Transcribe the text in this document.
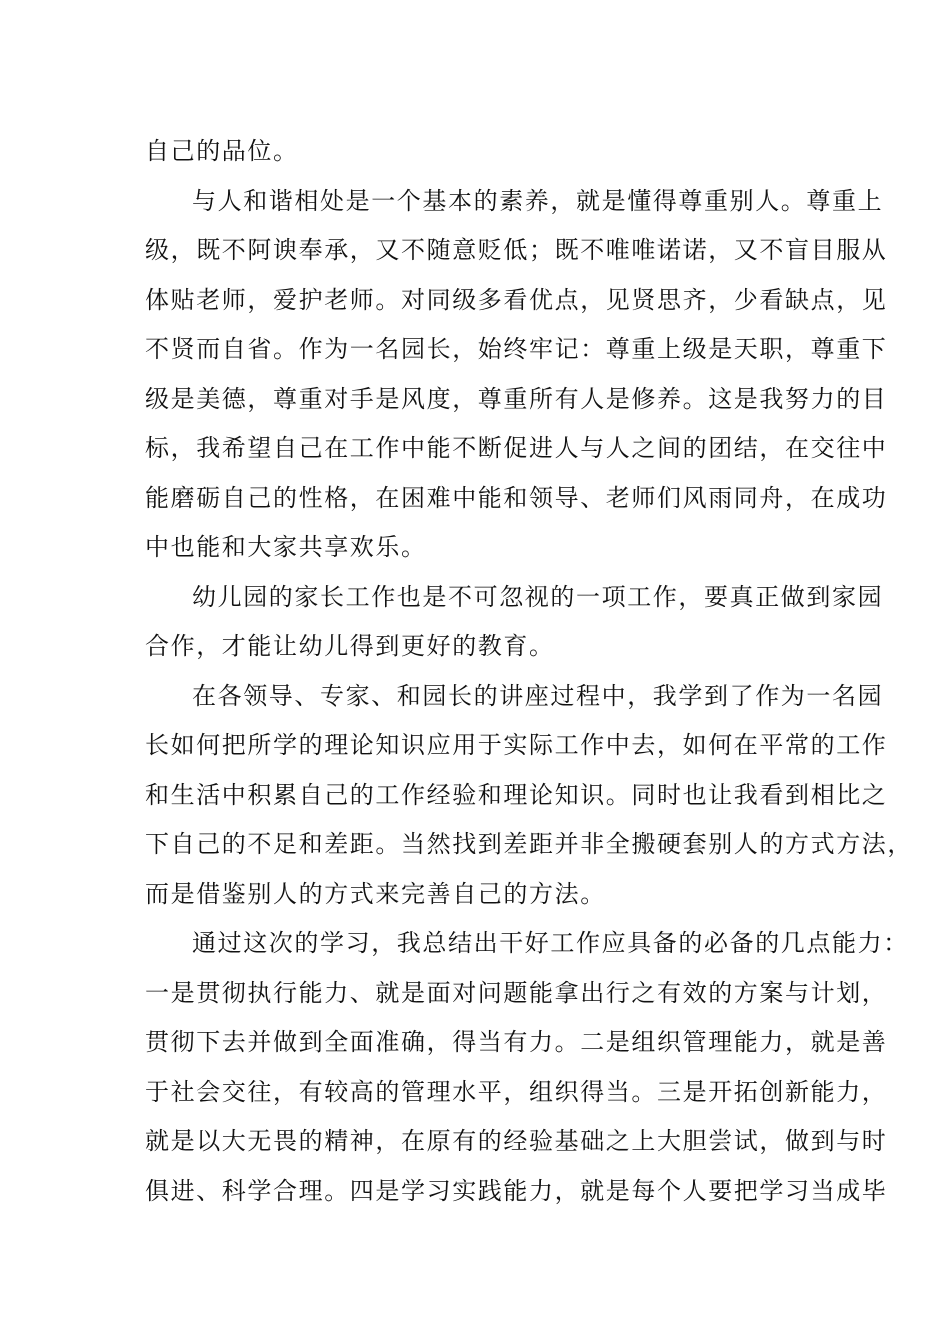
自己的品位。
与人和谐相处是一个基本的素养，就是懂得尊重别人。尊重上
级，既不阿谀奉承，又不随意贬低；既不唯唯诺诺，又不盲目服从
体贴老师，爱护老师。对同级多看优点，见贤思齐，少看缺点，见
不贤而自省。作为一名园长，始终牢记：尊重上级是天职，尊重下
级是美德，尊重对手是风度，尊重所有人是修养。这是我努力的目
标，我希望自己在工作中能不断促进人与人之间的团结，在交往中
能磨砺自己的性格，在困难中能和领导、老师们风雨同舟，在成功
中也能和大家共享欢乐。
幼儿园的家长工作也是不可忽视的一项工作，要真正做到家园
合作，才能让幼儿得到更好的教育。
在各领导、专家、和园长的讲座过程中，我学到了作为一名园
长如何把所学的理论知识应用于实际工作中去，如何在平常的工作
和生活中积累自己的工作经验和理论知识。同时也让我看到相比之
下自己的不足和差距。当然找到差距并非全搬硬套别人的方式方法，
而是借鉴别人的方式来完善自己的方法。
通过这次的学习，我总结出干好工作应具备的必备的几点能力：
一是贯彻执行能力、就是面对问题能拿出行之有效的方案与计划，
贯彻下去并做到全面准确，得当有力。二是组织管理能力，就是善
于社会交往，有较高的管理水平，组织得当。三是开拓创新能力，
就是以大无畏的精神，在原有的经验基础之上大胆尝试，做到与时
俱进、科学合理。四是学习实践能力，就是每个人要把学习当成毕
